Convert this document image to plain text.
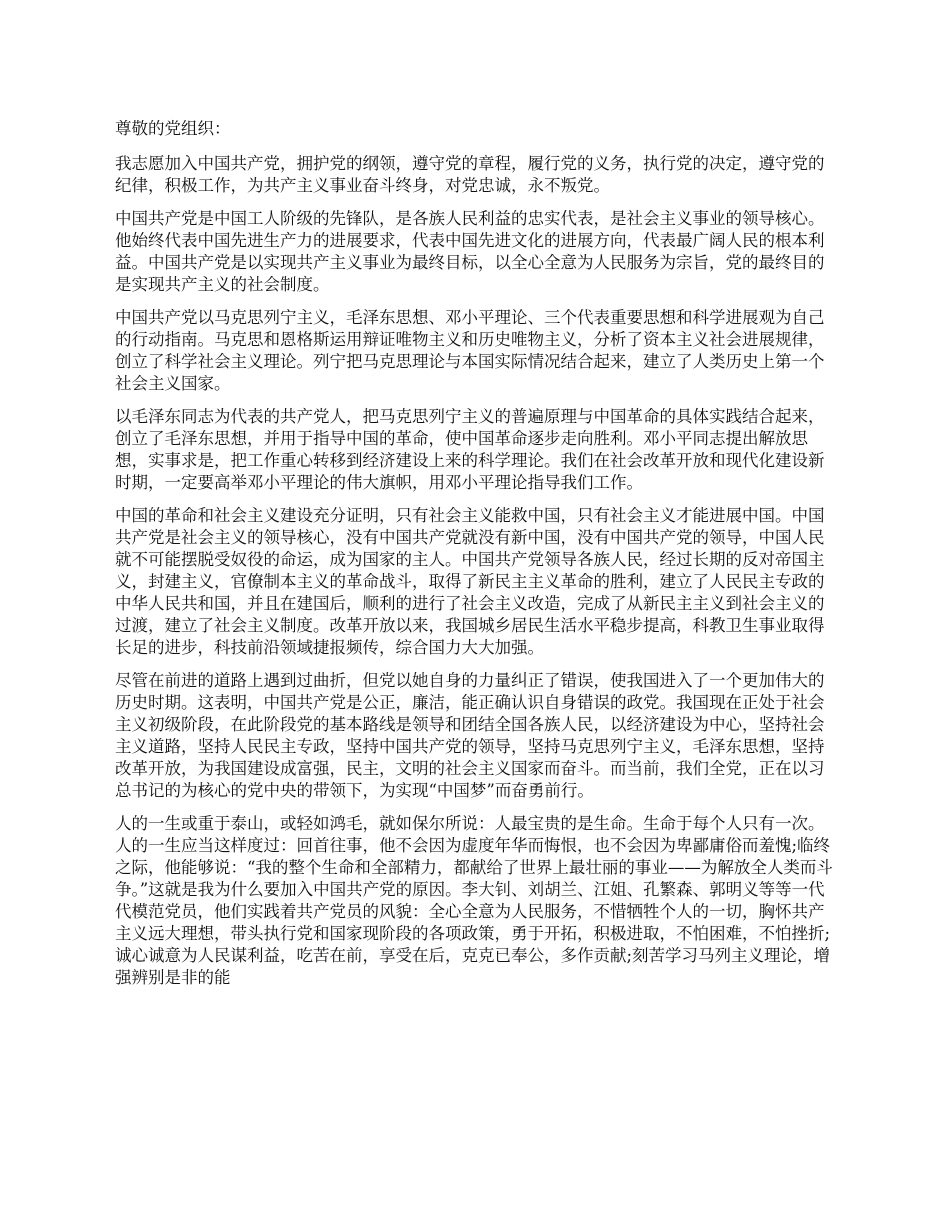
尊敬的党组织：

我志愿加入中国共产党，拥护党的纲领，遵守党的章程，履行党的义务，执行党的决定，遵守党的纪律，积极工作，为共产主义事业奋斗终身，对党忠诚，永不叛党。

中国共产党是中国工人阶级的先锋队，是各族人民利益的忠实代表，是社会主义事业的领导核心。他始终代表中国先进生产力的进展要求，代表中国先进文化的进展方向，代表最广阔人民的根本利益。中国共产党是以实现共产主义事业为最终目标，以全心全意为人民服务为宗旨，党的最终目的是实现共产主义的社会制度。

中国共产党以马克思列宁主义，毛泽东思想、邓小平理论、三个代表重要思想和科学进展观为自己的行动指南。马克思和恩格斯运用辩证唯物主义和历史唯物主义，分析了资本主义社会进展规律，创立了科学社会主义理论。列宁把马克思理论与本国实际情况结合起来，建立了人类历史上第一个社会主义国家。

以毛泽东同志为代表的共产党人，把马克思列宁主义的普遍原理与中国革命的具体实践结合起来，创立了毛泽东思想，并用于指导中国的革命，使中国革命逐步走向胜利。邓小平同志提出解放思想，实事求是，把工作重心转移到经济建设上来的科学理论。我们在社会改革开放和现代化建设新时期，一定要高举邓小平理论的伟大旗帜，用邓小平理论指导我们工作。

中国的革命和社会主义建设充分证明，只有社会主义能救中国，只有社会主义才能进展中国。中国共产党是社会主义的领导核心，没有中国共产党就没有新中国，没有中国共产党的领导，中国人民就不可能摆脱受奴役的命运，成为国家的主人。中国共产党领导各族人民，经过长期的反对帝国主义，封建主义，官僚制本主义的革命战斗，取得了新民主主义革命的胜利，建立了人民民主专政的中华人民共和国，并且在建国后，顺利的进行了社会主义改造，完成了从新民主主义到社会主义的过渡，建立了社会主义制度。改革开放以来，我国城乡居民生活水平稳步提高，科教卫生事业取得长足的进步，科技前沿领域捷报频传，综合国力大大加强。

尽管在前进的道路上遇到过曲折，但党以她自身的力量纠正了错误，使我国进入了一个更加伟大的历史时期。这表明，中国共产党是公正，廉洁，能正确认识自身错误的政党。我国现在正处于社会主义初级阶段，在此阶段党的基本路线是领导和团结全国各族人民，以经济建设为中心，坚持社会主义道路，坚持人民民主专政，坚持中国共产党的领导，坚持马克思列宁主义，毛泽东思想，坚持改革开放，为我国建设成富强，民主，文明的社会主义国家而奋斗。而当前，我们全党，正在以习总书记的为核心的党中央的带领下，为实现“中国梦”而奋勇前行。

人的一生或重于泰山，或轻如鸿毛，就如保尔所说：人最宝贵的是生命。生命于每个人只有一次。人的一生应当这样度过：回首往事，他不会因为虚度年华而悔恨，也不会因为卑鄙庸俗而羞愧;临终之际，他能够说：“我的整个生命和全部精力，都献给了世界上最壮丽的事业——为解放全人类而斗争。”这就是我为什么要加入中国共产党的原因。李大钊、刘胡兰、江姐、孔繁森、郭明义等等一代代模范党员，他们实践着共产党员的风貌：全心全意为人民服务，不惜牺牲个人的一切，胸怀共产主义远大理想，带头执行党和国家现阶段的各项政策，勇于开拓，积极进取，不怕困难，不怕挫折;诚心诚意为人民谋利益，吃苦在前，享受在后，克克已奉公，多作贡献;刻苦学习马列主义理论，增强辨别是非的能
